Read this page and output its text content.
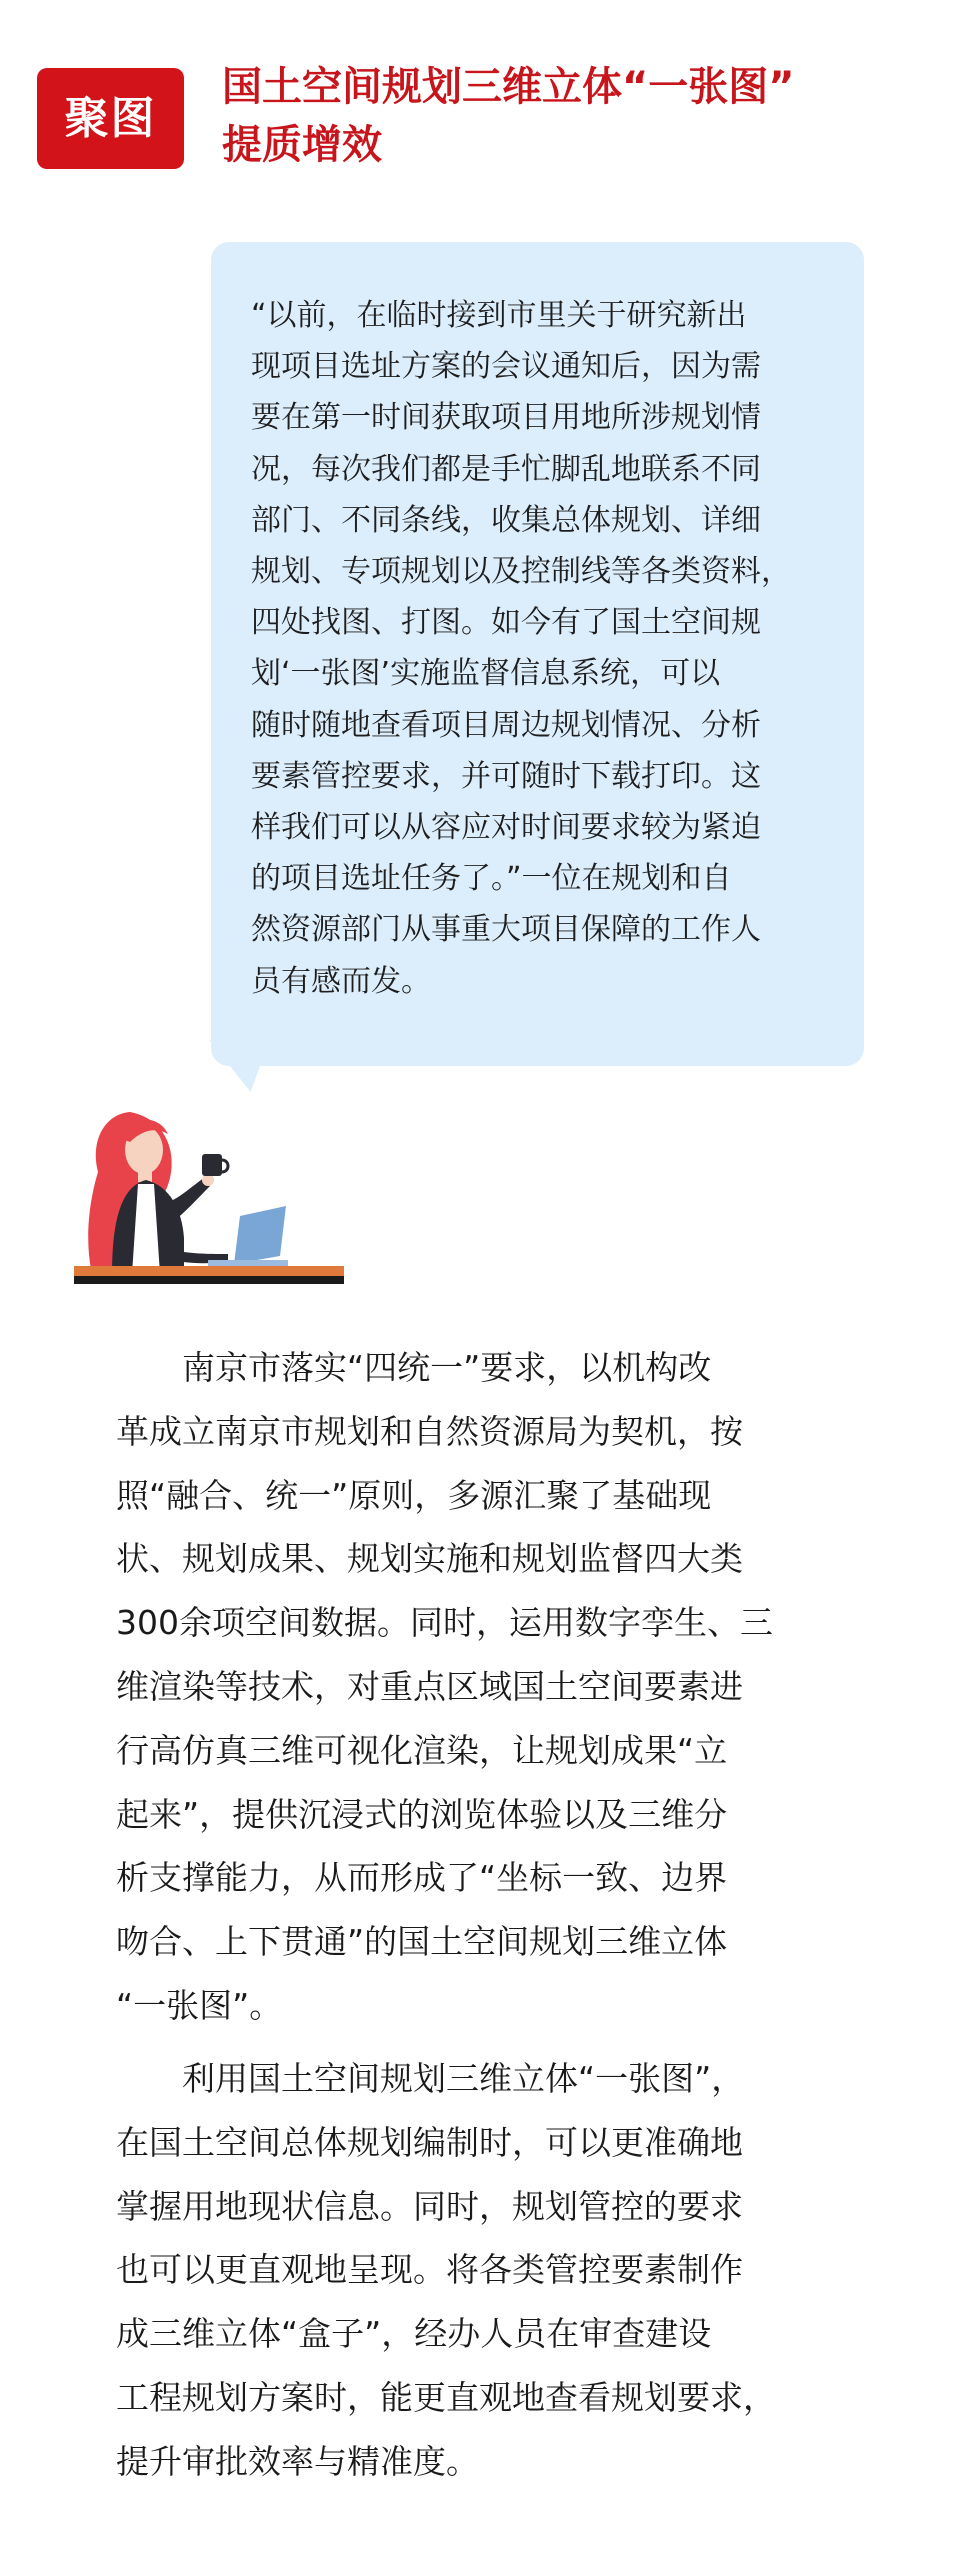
聚图
国土空间规划三维立体“一张图”
提质增效
“以前，在临时接到市里关于研究新出
现项目选址方案的会议通知后，因为需
要在第一时间获取项目用地所涉规划情
况，每次我们都是手忙脚乱地联系不同
部门、不同条线，收集总体规划、详细
规划、专项规划以及控制线等各类资料，
四处找图、打图。如今有了国土空间规
划‘一张图’实施监督信息系统，可以
随时随地查看项目周边规划情况、分析
要素管控要求，并可随时下载打印。这
样我们可以从容应对时间要求较为紧迫
的项目选址任务了。”一位在规划和自
然资源部门从事重大项目保障的工作人
员有感而发。
　　南京市落实“四统一”要求，以机构改
革成立南京市规划和自然资源局为契机，按
照“融合、统一”原则，多源汇聚了基础现
状、规划成果、规划实施和规划监督四大类
300余项空间数据。同时，运用数字孪生、三
维渲染等技术，对重点区域国土空间要素进
行高仿真三维可视化渲染，让规划成果“立
起来”，提供沉浸式的浏览体验以及三维分
析支撑能力，从而形成了“坐标一致、边界
吻合、上下贯通”的国土空间规划三维立体
“一张图”。
　　利用国土空间规划三维立体“一张图”，
在国土空间总体规划编制时，可以更准确地
掌握用地现状信息。同时，规划管控的要求
也可以更直观地呈现。将各类管控要素制作
成三维立体“盒子”，经办人员在审查建设
工程规划方案时，能更直观地查看规划要求，
提升审批效率与精准度。
